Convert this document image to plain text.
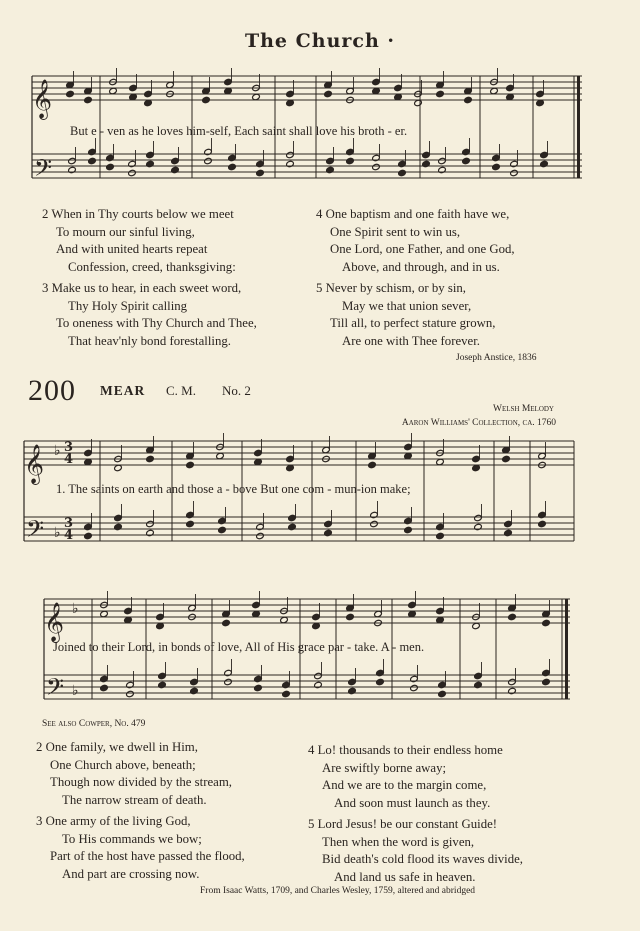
The Church ·
𝄞
𝄢
But e - ven as he loves him-self, Each saint shall love his broth - er.
2 When in Thy courts below we meet
To mourn our sinful living,
And with united hearts repeat
Confession, creed, thanksgiving:
3 Make us to hear, in each sweet word,
Thy Holy Spirit calling
To oneness with Thy Church and Thee,
That heav'nly bond forestalling.
4 One baptism and one faith have we,
One Spirit sent to win us,
One Lord, one Father, and one God,
Above, and through, and in us.
5 Never by schism, or by sin,
May we that union sever,
Till all, to perfect stature grown,
Are one with Thee forever.
Joseph Anstice, 1836
200 MEAR C. M. No. 2
Welsh Melody
Aaron Williams' Collection, ca. 1760
𝄞
𝄢
♭
♭
3
4
3
4
1. The saints on earth and those a - bove But one com - mun-ion make;
𝄞
𝄢
♭
♭
Joined to their Lord, in bonds of love, All of His grace par - take. A - men.
See also Cowper, No. 479
2 One family, we dwell in Him,
One Church above, beneath;
Though now divided by the stream,
The narrow stream of death.
3 One army of the living God,
To His commands we bow;
Part of the host have passed the flood,
And part are crossing now.
4 Lo! thousands to their endless home
Are swiftly borne away;
And we are to the margin come,
And soon must launch as they.
5 Lord Jesus! be our constant Guide!
Then when the word is given,
Bid death's cold flood its waves divide,
And land us safe in heaven.
From Isaac Watts, 1709, and Charles Wesley, 1759, altered and abridged
